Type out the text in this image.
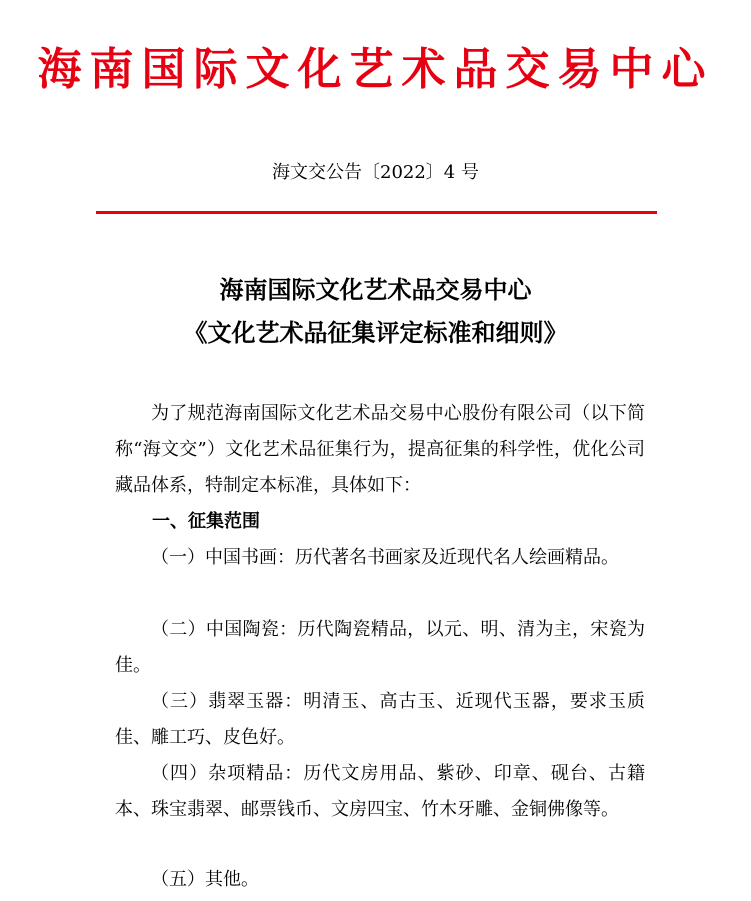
海南国际文化艺术品交易中心
海文交公告〔2022〕4 号
海南国际文化艺术品交易中心
《文化艺术品征集评定标准和细则》
为了规范海南国际文化艺术品交易中心股份有限公司（以下简称“海文交”）文化艺术品征集行为，提高征集的科学性，优化公司藏品体系，特制定本标准，具体如下：
一、征集范围
（一）中国书画：历代著名书画家及近现代名人绘画精品。
（二）中国陶瓷：历代陶瓷精品，以元、明、清为主，宋瓷为佳。
（三）翡翠玉器：明清玉、高古玉、近现代玉器，要求玉质佳、雕工巧、皮色好。
（四）杂项精品：历代文房用品、紫砂、印章、砚台、古籍本、珠宝翡翠、邮票钱币、文房四宝、竹木牙雕、金铜佛像等。
（五）其他。
